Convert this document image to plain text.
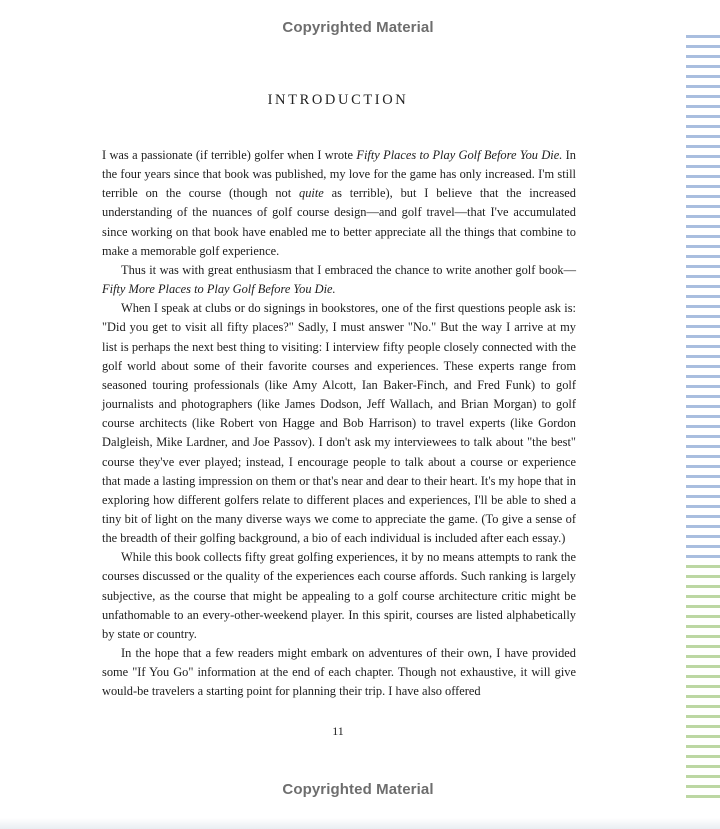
Copyrighted Material
INTRODUCTION

I was a passionate (if terrible) golfer when I wrote Fifty Places to Play Golf Before You Die. In the four years since that book was published, my love for the game has only increased. I'm still terrible on the course (though not quite as terrible), but I believe that the increased understanding of the nuances of golf course design—and golf travel—that I've accumulated since working on that book have enabled me to better appreciate all the things that combine to make a memorable golf experience.

Thus it was with great enthusiasm that I embraced the chance to write another golf book—Fifty More Places to Play Golf Before You Die.

When I speak at clubs or do signings in bookstores, one of the first questions people ask is: "Did you get to visit all fifty places?" Sadly, I must answer "No." But the way I arrive at my list is perhaps the next best thing to visiting: I interview fifty people closely connected with the golf world about some of their favorite courses and experiences. These experts range from seasoned touring professionals (like Amy Alcott, Ian Baker-Finch, and Fred Funk) to golf journalists and photographers (like James Dodson, Jeff Wallach, and Brian Morgan) to golf course architects (like Robert von Hagge and Bob Harrison) to travel experts (like Gordon Dalgleish, Mike Lardner, and Joe Passov). I don't ask my interviewees to talk about "the best" course they've ever played; instead, I encourage people to talk about a course or experience that made a lasting impression on them or that's near and dear to their heart. It's my hope that in exploring how different golfers relate to different places and experiences, I'll be able to shed a tiny bit of light on the many diverse ways we come to appreciate the game. (To give a sense of the breadth of their golfing background, a bio of each individual is included after each essay.)

While this book collects fifty great golfing experiences, it by no means attempts to rank the courses discussed or the quality of the experiences each course affords. Such ranking is largely subjective, as the course that might be appealing to a golf course architecture critic might be unfathomable to an every-other-weekend player. In this spirit, courses are listed alphabetically by state or country.

In the hope that a few readers might embark on adventures of their own, I have provided some "If You Go" information at the end of each chapter. Though not exhaustive, it will give would-be travelers a starting point for planning their trip. I have also offered

11
Copyrighted Material
